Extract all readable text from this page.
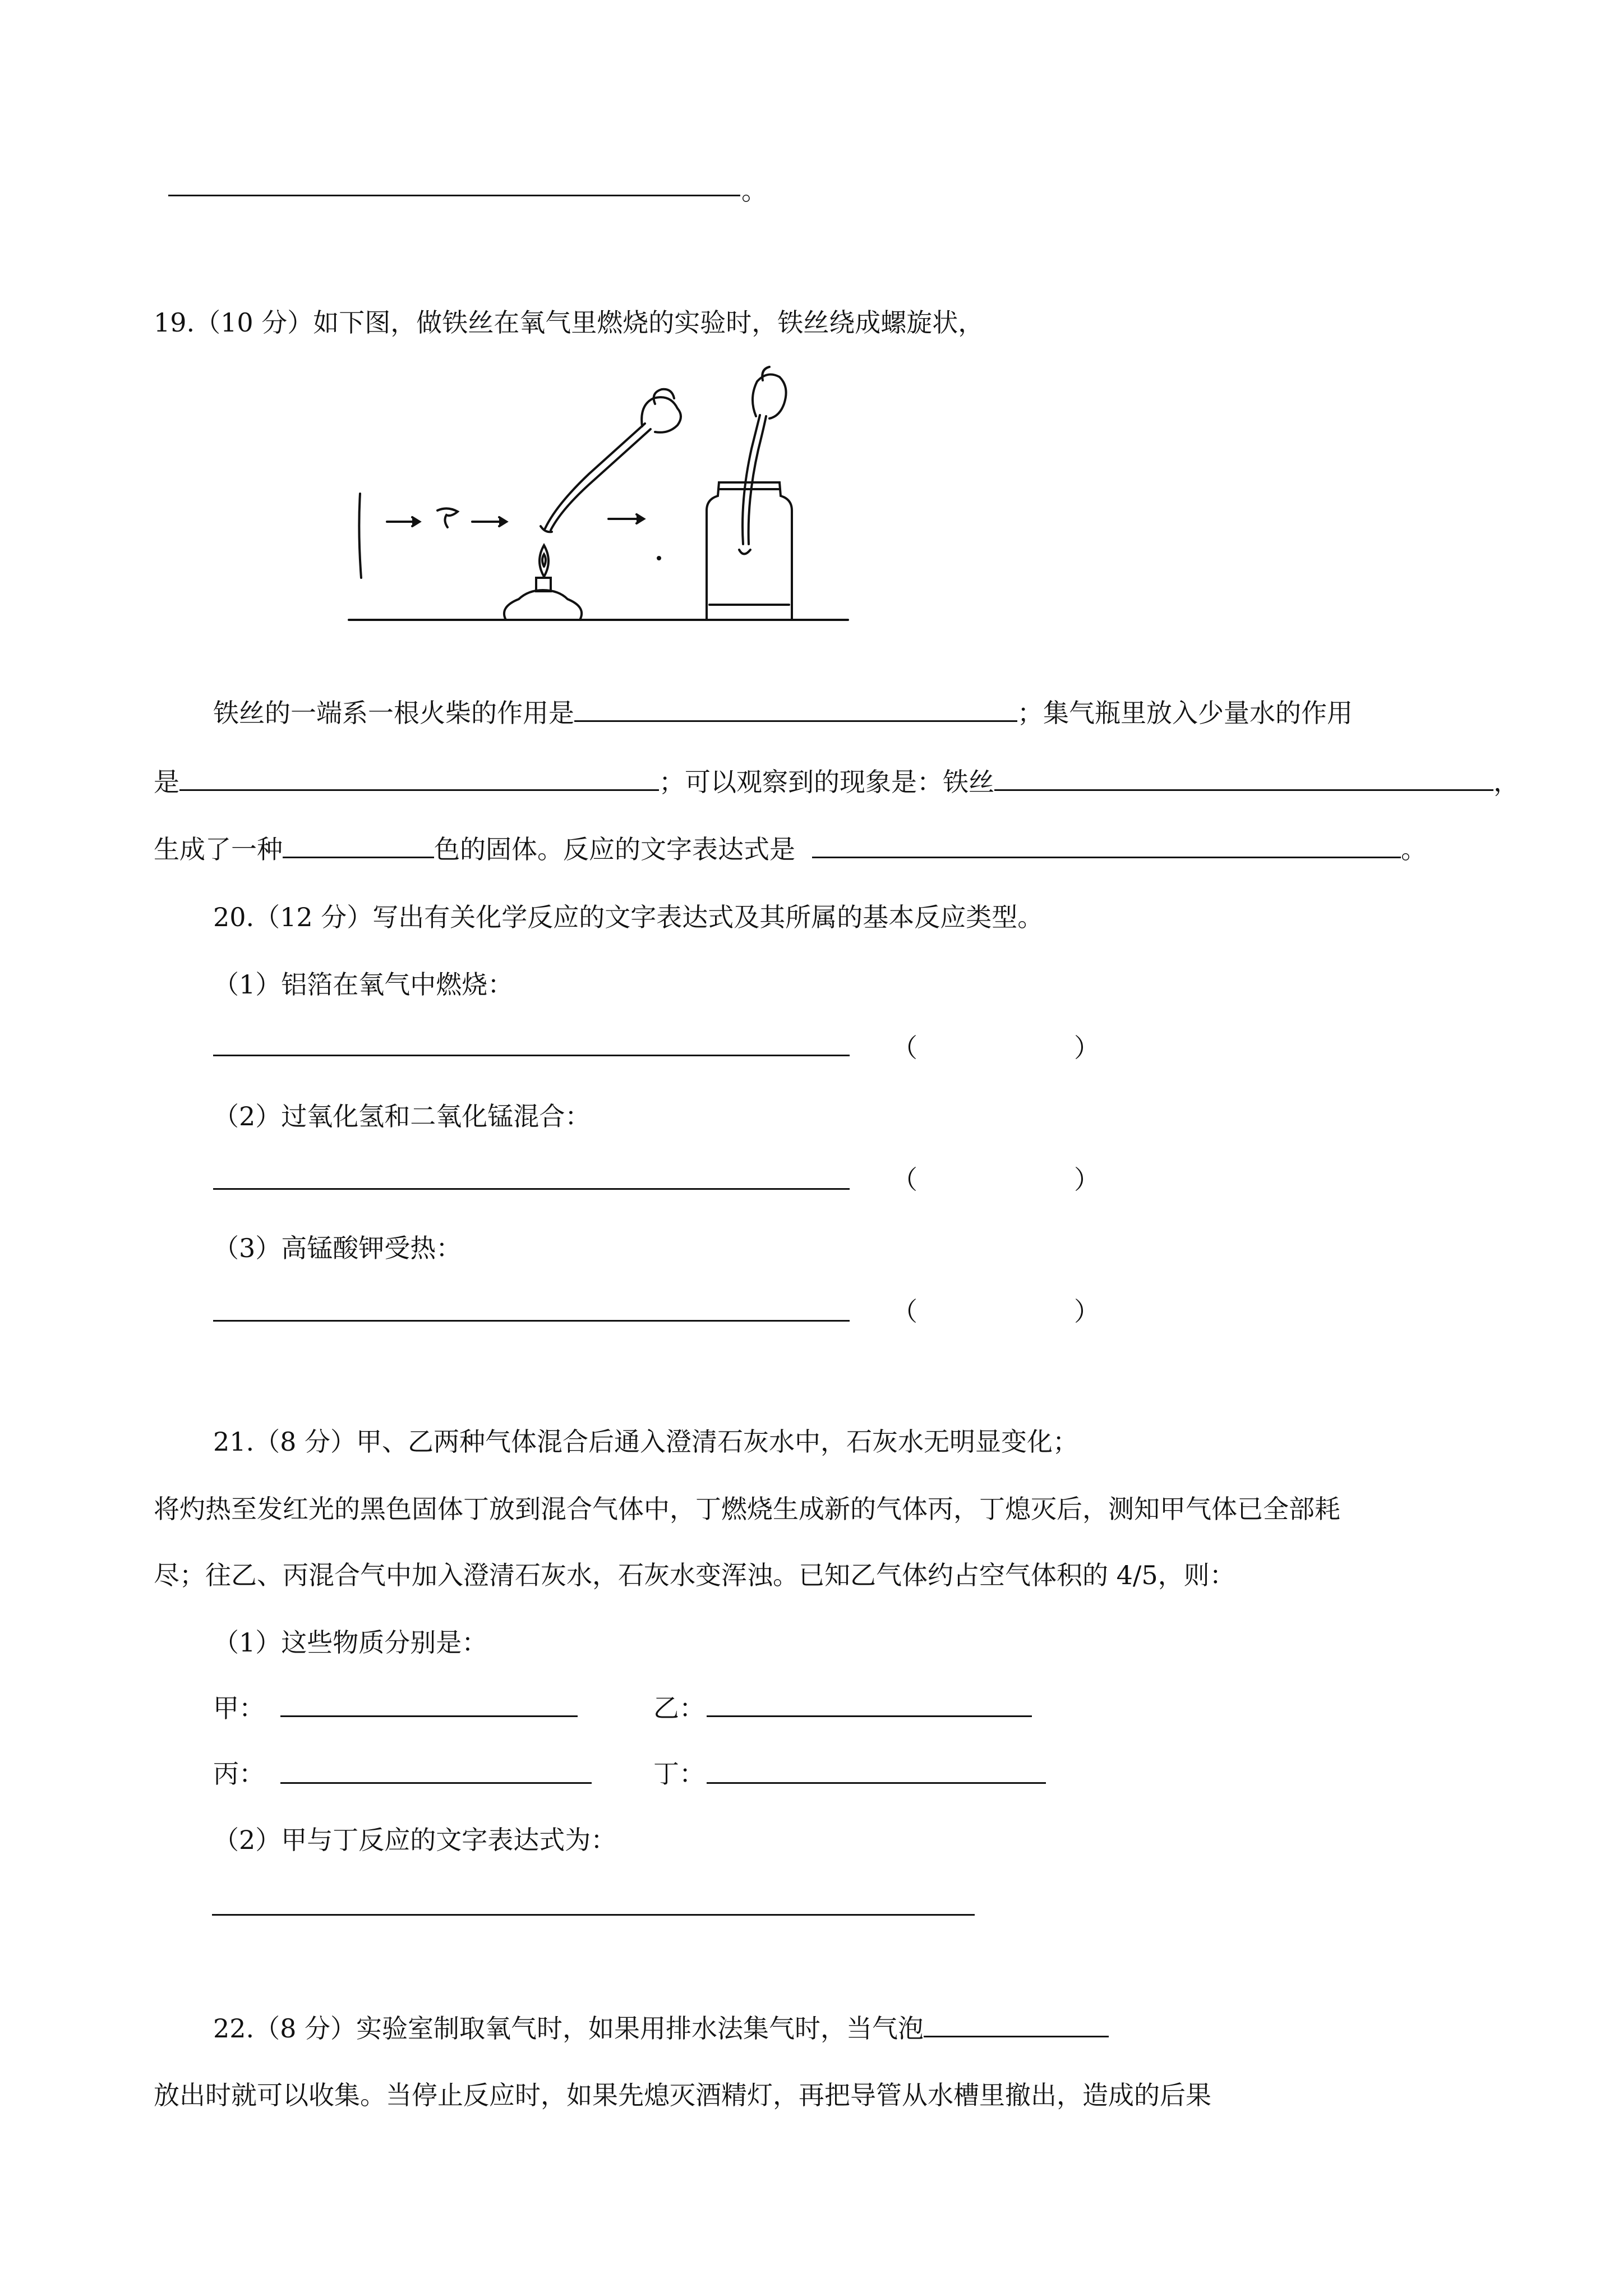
。
19.（10 分）如下图，做铁丝在氧气里燃烧的实验时，铁丝绕成螺旋状，
铁丝的一端系一根火柴的作用是	；集气瓶里放入少量水的作用
是	；可以观察到的现象是：铁丝	，
生成了一种	色的固体。反应的文字表达式是	。
20.（12 分）写出有关化学反应的文字表达式及其所属的基本反应类型。
（1）铝箔在氧气中燃烧：
（	）
（2）过氧化氢和二氧化锰混合：
（	）
（3）高锰酸钾受热：
（	）
21.（8 分）甲、乙两种气体混合后通入澄清石灰水中，石灰水无明显变化；
将灼热至发红光的黑色固体丁放到混合气体中，丁燃烧生成新的气体丙，丁熄灭后，测知甲气体已全部耗
尽；往乙、丙混合气中加入澄清石灰水，石灰水变浑浊。已知乙气体约占空气体积的 4/5，则：
（1）这些物质分别是：
甲：	乙：
丙：	丁：
（2）甲与丁反应的文字表达式为：
22.（8 分）实验室制取氧气时，如果用排水法集气时，当气泡
放出时就可以收集。当停止反应时，如果先熄灭酒精灯，再把导管从水槽里撤出，造成的后果
